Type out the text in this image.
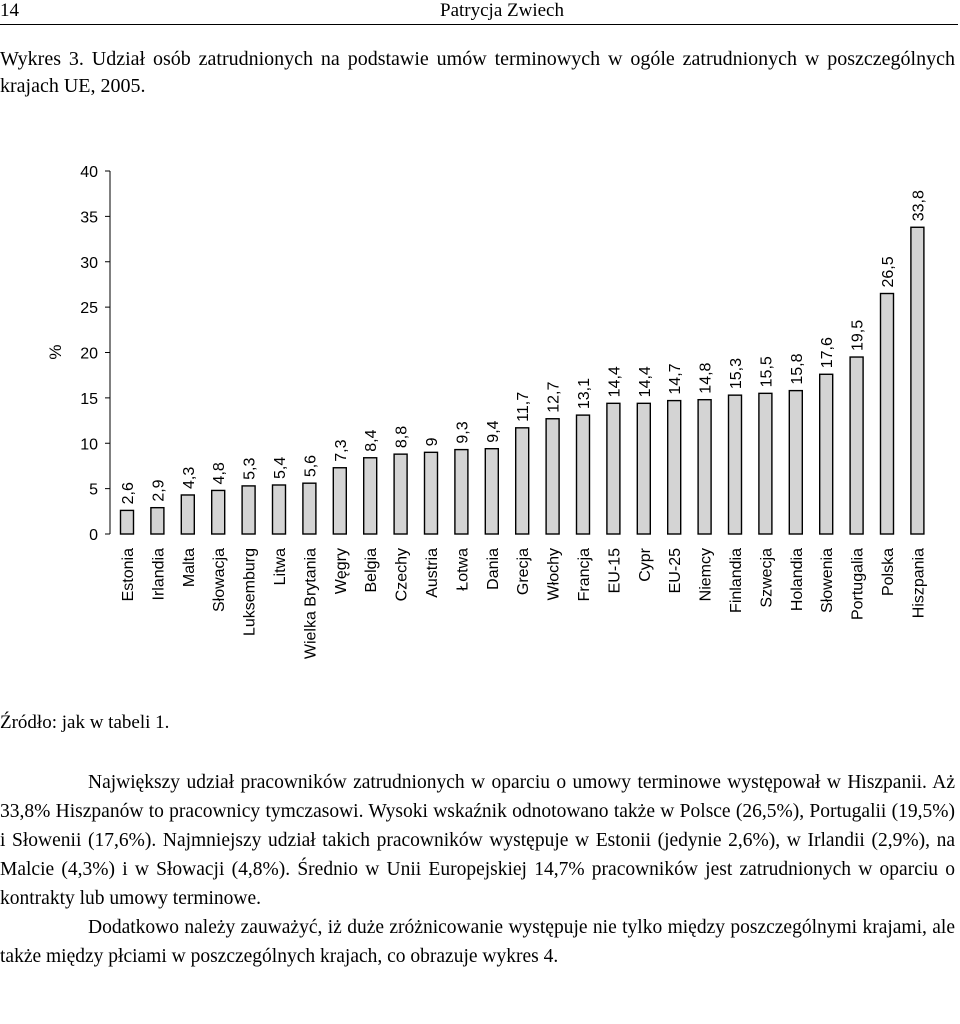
14	Patrycja Zwiech
Wykres 3. Udział osób zatrudnionych na podstawie umów terminowych w ogóle zatrudnionych w poszczególnych krajach UE, 2005.
0
5
10
15
20
25
30
35
40
%
2,6
Estonia
2,9
Irlandia
4,3
Malta
4,8
Słowacja
5,3
Luksemburg
5,4
Litwa
5,6
Wielka Brytania
7,3
Węgry
8,4
Belgia
8,8
Czechy
9
Austria
9,3
Łotwa
9,4
Dania
11,7
Grecja
12,7
Włochy
13,1
Francja
14,4
EU-15
14,4
Cypr
14,7
EU-25
14,8
Niemcy
15,3
Finlandia
15,5
Szwecja
15,8
Holandia
17,6
Słowenia
19,5
Portugalia
26,5
Polska
33,8
Hiszpania
Źródło: jak w tabeli 1.

Największy udział pracowników zatrudnionych w oparciu o umowy terminowe występował w Hiszpanii. Aż 33,8% Hiszpanów to pracownicy tymczasowi. Wysoki wskaźnik odnotowano także w Polsce (26,5%), Portugalii (19,5%) i Słowenii (17,6%). Najmniejszy udział takich pracowników występuje w Estonii (jedynie 2,6%), w Irlandii (2,9%), na Malcie (4,3%) i w Słowacji (4,8%). Średnio w Unii Europejskiej 14,7% pracowników jest zatrudnionych w oparciu o kontrakty lub umowy terminowe.

Dodatkowo należy zauważyć, iż duże zróżnicowanie występuje nie tylko między poszczególnymi krajami, ale także między płciami w poszczególnych krajach, co obrazuje wykres 4.
